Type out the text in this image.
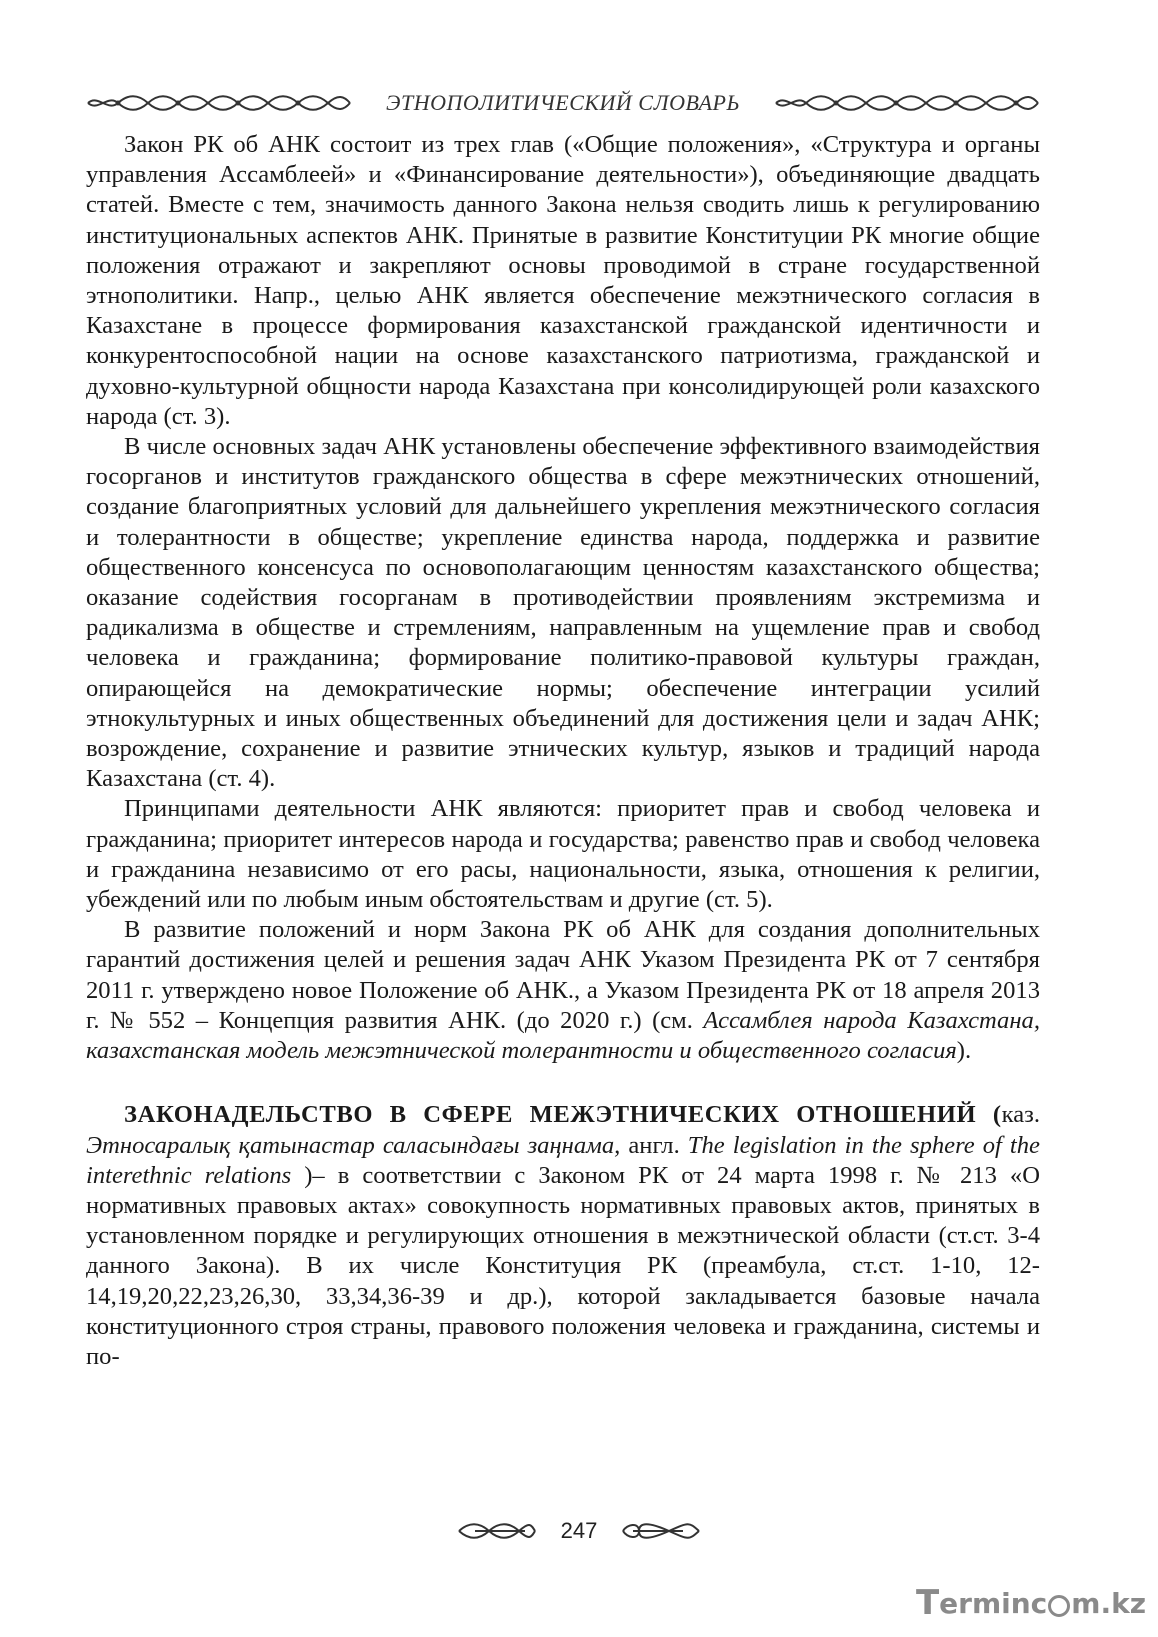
ЭТНОПОЛИТИЧЕСКИЙ СЛОВАРЬ

Закон РК об АНК состоит из трех глав («Общие положения», «Структура и органы управления Ассамблеей» и «Финансирование деятельности»), объединяющие двадцать статей. Вместе с тем, значимость данного Закона нельзя сводить лишь к регулированию институциональных аспектов АНК. Принятые в развитие Конституции РК многие общие положения отражают и закрепляют основы проводимой в стране государственной этнополитики. Напр., целью АНК является обеспечение межэтнического согласия в Казахстане в процессе формирования казахстанской гражданской идентичности и конкурентоспособной нации на основе казахстанского патриотизма, гражданской и духовно-культурной общности народа Казахстана при консолидирующей роли казахского народа (ст. 3).

В числе основных задач АНК установлены обеспечение эффективного взаимодействия госорганов и институтов гражданского общества в сфере межэтнических отношений, создание благоприятных условий для дальнейшего укрепления межэтнического согласия и толерантности в обществе; укрепление единства народа, поддержка и развитие общественного консенсуса по основополагающим ценностям казахстанского общества; оказание содействия госорганам в противодействии проявлениям экстремизма и радикализма в обществе и стремлениям, направленным на ущемление прав и свобод человека и гражданина; формирование политико-правовой культуры граждан, опирающейся на демократические нормы; обеспечение интеграции усилий этнокультурных и иных общественных объединений для достижения цели и задач АНК; возрождение, сохранение и развитие этнических культур, языков и традиций народа Казахстана (ст. 4).

Принципами деятельности АНК являются: приоритет прав и свобод человека и гражданина; приоритет интересов народа и государства; равенство прав и свобод человека и гражданина независимо от его расы, национальности, языка, отношения к религии, убеждений или по любым иным обстоятельствам и другие (ст. 5).

В развитие положений и норм Закона РК об АНК для создания дополнительных гарантий достижения целей и решения задач АНК Указом Президента РК от 7 сентября 2011 г. утверждено новое Положение об АНК., а Указом Президента РК от 18 апреля 2013 г. № 552 – Концепция развития АНК. (до 2020 г.) (см. Ассамблея народа Казахстана, казахстанская модель межэтнической толерантности и общественного согласия).

ЗАКОНАДЕЛЬСТВО В СФЕРЕ МЕЖЭТНИЧЕСКИХ ОТНОШЕНИЙ (каз. Этносаралық қатынастар саласындағы заңнама, англ. The legislation in the sphere of the interethnic relations )– в соответствии с Законом РК от 24 марта 1998 г. № 213 «О нормативных правовых актах» совокупность нормативных правовых актов, принятых в установленном порядке и регулирующих отношения в межэтнической области (ст.ст. 3-4 данного Закона). В их числе Конституция РК (преамбула, ст.ст. 1-10, 12-14,19,20,22,23,26,30, 33,34,36-39 и др.), которой закладывается базовые начала конституционного строя страны, правового положения человека и гражданина, системы и по-

247
T erminc m.kz
